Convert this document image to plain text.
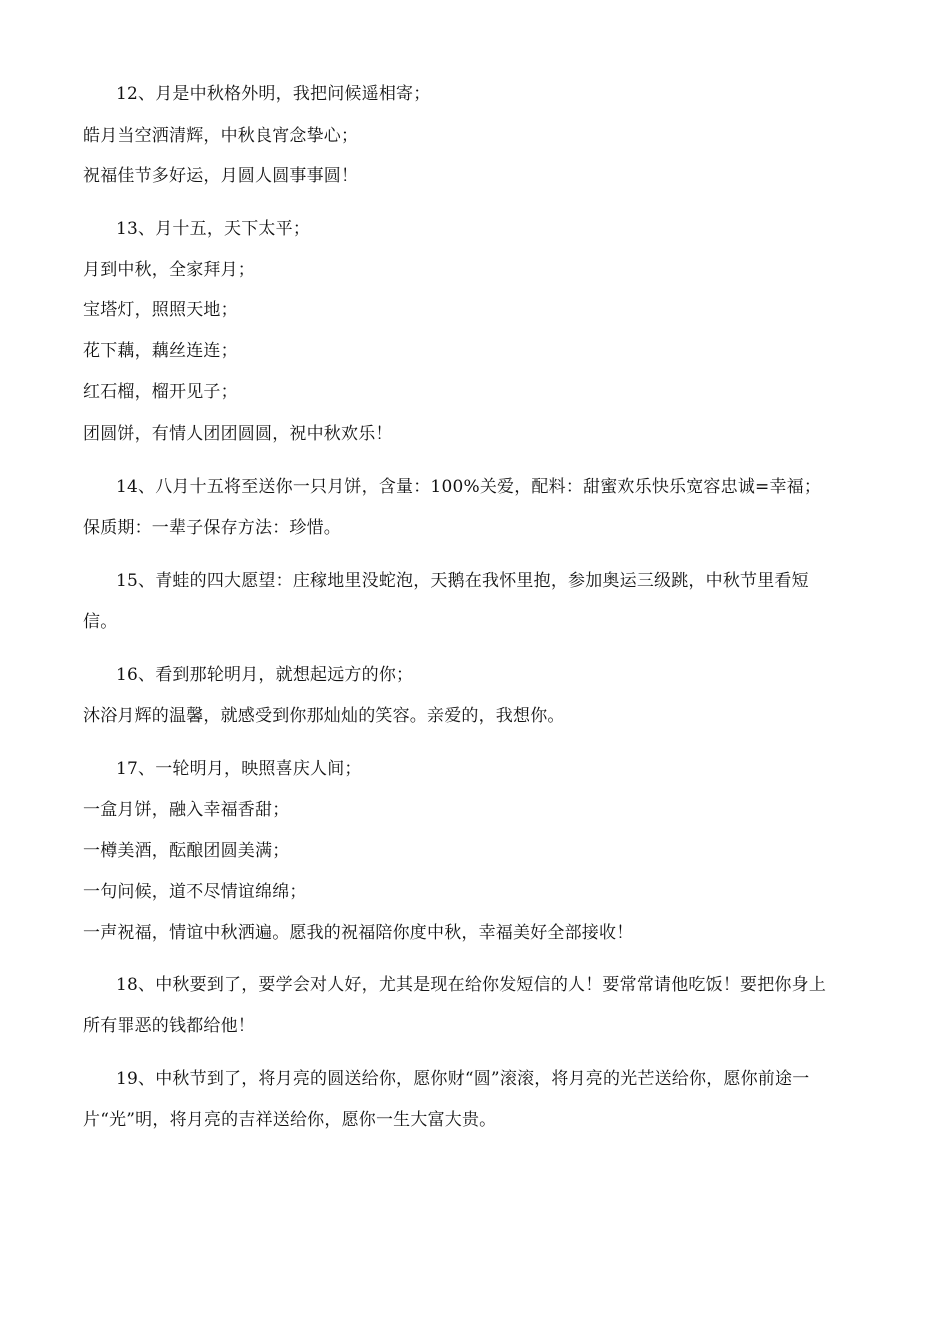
12、月是中秋格外明，我把问候遥相寄；
皓月当空洒清辉，中秋良宵念挚心；
祝福佳节多好运，月圆人圆事事圆！
13、月十五，天下太平；
月到中秋，全家拜月；
宝塔灯，照照天地；
花下藕，藕丝连连；
红石榴，榴开见子；
团圆饼，有情人团团圆圆，祝中秋欢乐！
14、八月十五将至送你一只月饼，含量：100%关爱，配料：甜蜜欢乐快乐宽容忠诚=幸福；
保质期：一辈子保存方法：珍惜。
15、青蛙的四大愿望：庄稼地里没蛇泡，天鹅在我怀里抱，参加奥运三级跳，中秋节里看短
信。
16、看到那轮明月，就想起远方的你；
沐浴月辉的温馨，就感受到你那灿灿的笑容。亲爱的，我想你。
17、一轮明月，映照喜庆人间；
一盒月饼，融入幸福香甜；
一樽美酒，酝酿团圆美满；
一句问候，道不尽情谊绵绵；
一声祝福，情谊中秋洒遍。愿我的祝福陪你度中秋，幸福美好全部接收！
18、中秋要到了，要学会对人好，尤其是现在给你发短信的人！要常常请他吃饭！要把你身上
所有罪恶的钱都给他！
19、中秋节到了，将月亮的圆送给你，愿你财“圆”滚滚，将月亮的光芒送给你，愿你前途一
片“光”明，将月亮的吉祥送给你，愿你一生大富大贵。
